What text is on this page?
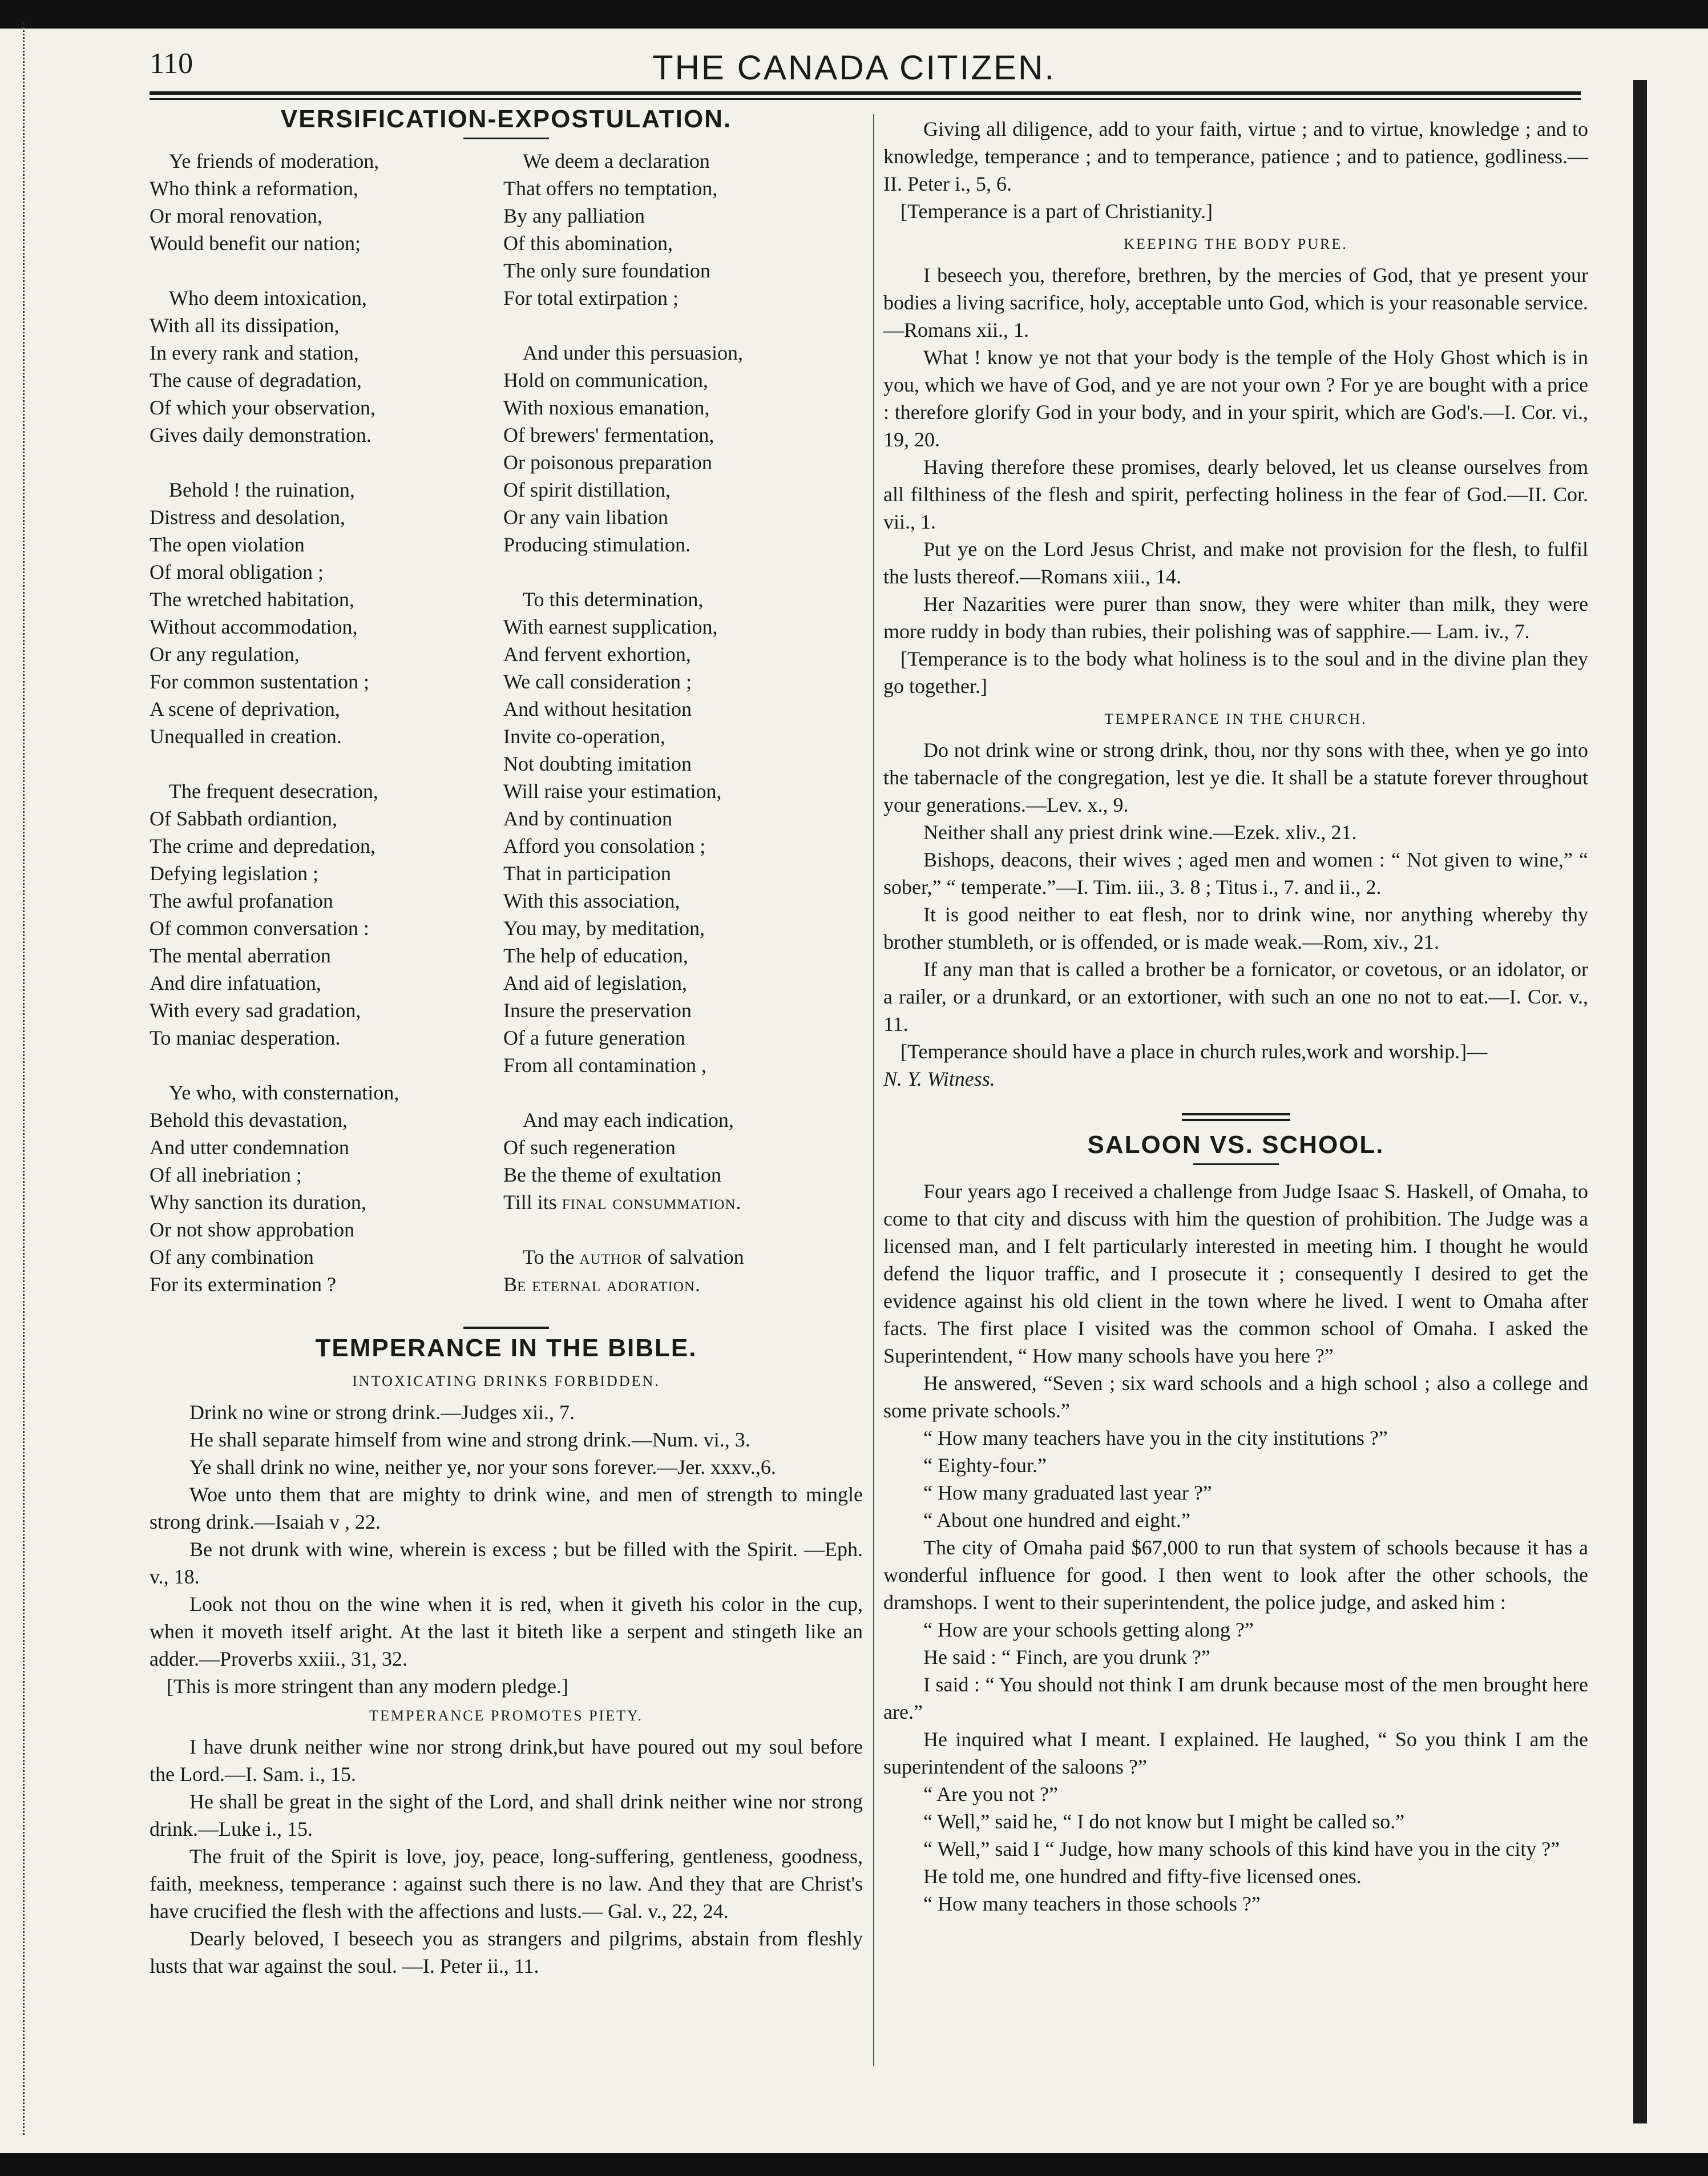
110	THE CANADA CITIZEN.
VERSIFICATION-EXPOSTULATION.
Ye friends of moderation,
Who think a reformation,
Or moral renovation,
Would benefit our nation;
Who deem intoxication,
With all its dissipation,
In every rank and station,
The cause of degradation,
Of which your observation,
Gives daily demonstration.
Behold ! the ruination,
Distress and desolation,
The open violation
Of moral obligation ;
The wretched habitation,
Without accommodation,
Or any regulation,
For common sustentation ;
A scene of deprivation,
Unequalled in creation.
The frequent desecration,
Of Sabbath ordiantion,
The crime and depredation,
Defying legislation ;
The awful profanation
Of common conversation :
The mental aberration
And dire infatuation,
With every sad gradation,
To maniac desperation.
Ye who, with consternation,
Behold this devastation,
And utter condemnation
Of all inebriation ;
Why sanction its duration,
Or not show approbation
Of any combination
For its extermination ?
We deem a declaration
That offers no temptation,
By any palliation
Of this abomination,
The only sure foundation
For total extirpation ;
And under this persuasion,
Hold on communication,
With noxious emanation,
Of brewers' fermentation,
Or poisonous preparation
Of spirit distillation,
Or any vain libation
Producing stimulation.
To this determination,
With earnest supplication,
And fervent exhortion,
We call consideration ;
And without hesitation
Invite co-operation,
Not doubting imitation
Will raise your estimation,
And by continuation
Afford you consolation ;
That in participation
With this association,
You may, by meditation,
The help of education,
And aid of legislation,
Insure the preservation
Of a future generation
From all contamination ,
And may each indication,
Of such regeneration
Be the theme of exultation
Till its final consummation.
To the author of salvation
Be eternal adoration.
TEMPERANCE IN THE BIBLE.
INTOXICATING DRINKS FORBIDDEN.

Drink no wine or strong drink.—Judges xii., 7.

He shall separate himself from wine and strong drink.—Num. vi., 3.

Ye shall drink no wine, neither ye, nor your sons forever.—Jer. xxxv.,6.

Woe unto them that are mighty to drink wine, and men of strength to mingle strong drink.—Isaiah v , 22.

Be not drunk with wine, wherein is excess ; but be filled with the Spirit. —Eph. v., 18.

Look not thou on the wine when it is red, when it giveth his color in the cup, when it moveth itself aright. At the last it biteth like a serpent and stingeth like an adder.—Proverbs xxiii., 31, 32.

[This is more stringent than any modern pledge.]

TEMPERANCE PROMOTES PIETY.

I have drunk neither wine nor strong drink,but have poured out my soul before the Lord.—I. Sam. i., 15.

He shall be great in the sight of the Lord, and shall drink neither wine nor strong drink.—Luke i., 15.

The fruit of the Spirit is love, joy, peace, long-suffering, gentleness, goodness, faith, meekness, temperance : against such there is no law. And they that are Christ's have crucified the flesh with the affections and lusts.— Gal. v., 22, 24.

Dearly beloved, I beseech you as strangers and pilgrims, abstain from fleshly lusts that war against the soul. —I. Peter ii., 11.

Giving all diligence, add to your faith, virtue ; and to virtue, knowledge ; and to knowledge, temperance ; and to temperance, patience ; and to patience, godliness.—II. Peter i., 5, 6.

[Temperance is a part of Christianity.]

KEEPING THE BODY PURE.

I beseech you, therefore, brethren, by the mercies of God, that ye present your bodies a living sacrifice, holy, acceptable unto God, which is your reasonable service.—Romans xii., 1.

What ! know ye not that your body is the temple of the Holy Ghost which is in you, which we have of God, and ye are not your own ? For ye are bought with a price : therefore glorify God in your body, and in your spirit, which are God's.—I. Cor. vi., 19, 20.

Having therefore these promises, dearly beloved, let us cleanse ourselves from all filthiness of the flesh and spirit, perfecting holiness in the fear of God.—II. Cor. vii., 1.

Put ye on the Lord Jesus Christ, and make not provision for the flesh, to fulfil the lusts thereof.—Romans xiii., 14.

Her Nazarities were purer than snow, they were whiter than milk, they were more ruddy in body than rubies, their polishing was of sapphire.— Lam. iv., 7.

[Temperance is to the body what holiness is to the soul and in the divine plan they go together.]

TEMPERANCE IN THE CHURCH.

Do not drink wine or strong drink, thou, nor thy sons with thee, when ye go into the tabernacle of the congregation, lest ye die. It shall be a statute forever throughout your generations.—Lev. x., 9.

Neither shall any priest drink wine.—Ezek. xliv., 21.

Bishops, deacons, their wives ; aged men and women : “ Not given to wine,” “ sober,” “ temperate.”—I. Tim. iii., 3. 8 ; Titus i., 7. and ii., 2.

It is good neither to eat flesh, nor to drink wine, nor anything whereby thy brother stumbleth, or is offended, or is made weak.—Rom, xiv., 21.

If any man that is called a brother be a fornicator, or covetous, or an idolator, or a railer, or a drunkard, or an extortioner, with such an one no not to eat.—I. Cor. v., 11.

[Temperance should have a place in church rules,work and worship.]—
N. Y. Witness.

SALOON VS. SCHOOL.

Four years ago I received a challenge from Judge Isaac S. Haskell, of Omaha, to come to that city and discuss with him the question of prohibition. The Judge was a licensed man, and I felt particularly interested in meeting him. I thought he would defend the liquor traffic, and I prosecute it ; consequently I desired to get the evidence against his old client in the town where he lived. I went to Omaha after facts. The first place I visited was the common school of Omaha. I asked the Superintendent, “ How many schools have you here ?”

He answered, “Seven ; six ward schools and a high school ; also a college and some private schools.”

“ How many teachers have you in the city institutions ?”

“ Eighty-four.”

“ How many graduated last year ?”

“ About one hundred and eight.”

The city of Omaha paid $67,000 to run that system of schools because it has a wonderful influence for good. I then went to look after the other schools, the dramshops. I went to their superintendent, the police judge, and asked him :

“ How are your schools getting along ?”

He said : “ Finch, are you drunk ?”

I said : “ You should not think I am drunk because most of the men brought here are.”

He inquired what I meant. I explained. He laughed, “ So you think I am the superintendent of the saloons ?”

“ Are you not ?”

“ Well,” said he, “ I do not know but I might be called so.”

“ Well,” said I “ Judge, how many schools of this kind have you in the city ?”

He told me, one hundred and fifty-five licensed ones.

“ How many teachers in those schools ?”
